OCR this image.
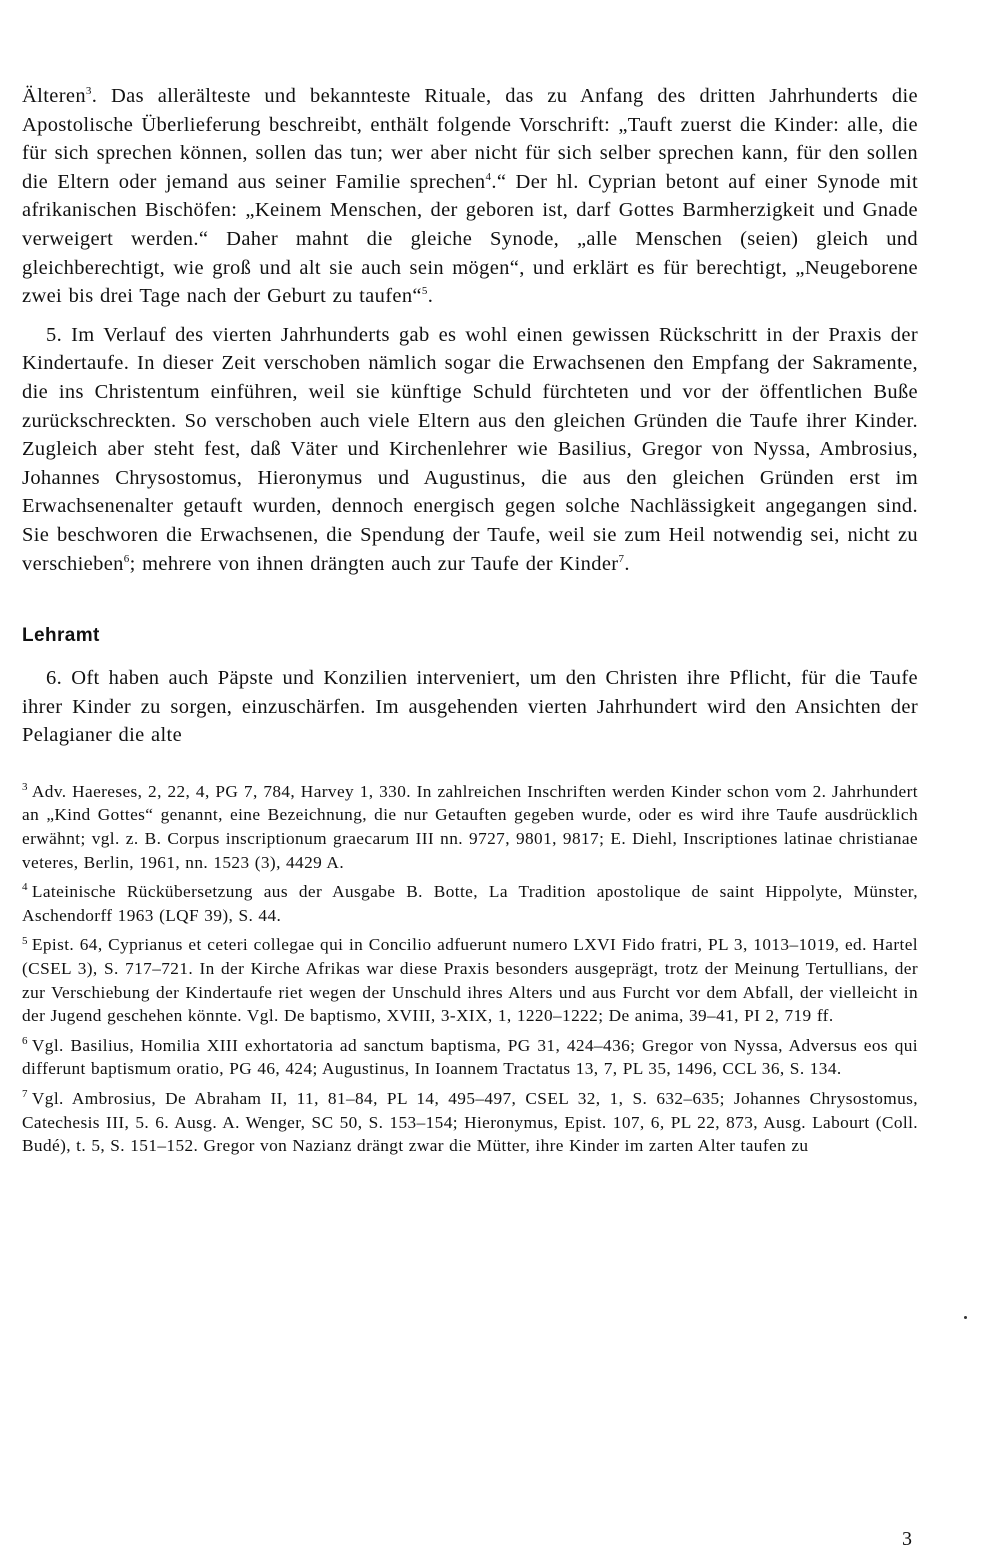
Älteren$^3$. Das allerälteste und bekannteste Rituale, das zu Anfang des dritten Jahrhunderts die Apostolische Überlieferung beschreibt, enthält folgende Vorschrift: „Tauft zuerst die Kinder: alle, die für sich sprechen können, sollen das tun; wer aber nicht für sich selber sprechen kann, für den sollen die Eltern oder jemand aus seiner Familie sprechen$^4$.“ Der hl. Cyprian betont auf einer Synode mit afrikanischen Bischöfen: „Keinem Menschen, der geboren ist, darf Gottes Barmherzigkeit und Gnade verweigert werden.“ Daher mahnt die gleiche Synode, „alle Menschen (seien) gleich und gleichberechtigt, wie groß und alt sie auch sein mögen“, und erklärt es für berechtigt, „Neugeborene zwei bis drei Tage nach der Geburt zu taufen“$^5$.

5. Im Verlauf des vierten Jahrhunderts gab es wohl einen gewissen Rückschritt in der Praxis der Kindertaufe. In dieser Zeit verschoben nämlich sogar die Erwachsenen den Empfang der Sakramente, die ins Christentum einführen, weil sie künftige Schuld fürchteten und vor der öffentlichen Buße zurückschreckten. So verschoben auch viele Eltern aus den gleichen Gründen die Taufe ihrer Kinder. Zugleich aber steht fest, daß Väter und Kirchenlehrer wie Basilius, Gregor von Nyssa, Ambrosius, Johannes Chrysostomus, Hieronymus und Augustinus, die aus den gleichen Gründen erst im Erwachsenenalter getauft wurden, dennoch energisch gegen solche Nachlässigkeit angegangen sind. Sie beschworen die Erwachsenen, die Spendung der Taufe, weil sie zum Heil notwendig sei, nicht zu verschieben$^6$; mehrere von ihnen drängten auch zur Taufe der Kinder$^7$.

Lehramt

6. Oft haben auch Päpste und Konzilien interveniert, um den Christen ihre Pflicht, für die Taufe ihrer Kinder zu sorgen, einzuschärfen. Im ausgehenden vierten Jahrhundert wird den Ansichten der Pelagianer die alte

$^3$ Adv. Haereses, 2, 22, 4, PG 7, 784, Harvey 1, 330. In zahlreichen Inschriften werden Kinder schon vom 2. Jahrhundert an „Kind Gottes“ genannt, eine Bezeichnung, die nur Getauften gegeben wurde, oder es wird ihre Taufe ausdrücklich erwähnt; vgl. z. B. Corpus inscriptionum graecarum III nn. 9727, 9801, 9817; E. Diehl, Inscriptiones latinae christianae veteres, Berlin, 1961, nn. 1523 (3), 4429 A.

$^4$ Lateinische Rückübersetzung aus der Ausgabe B. Botte, La Tradition apostolique de saint Hippolyte, Münster, Aschendorff 1963 (LQF 39), S. 44.

$^5$ Epist. 64, Cyprianus et ceteri collegae qui in Concilio adfuerunt numero LXVI Fido fratri, PL 3, 1013–1019, ed. Hartel (CSEL 3), S. 717–721. In der Kirche Afrikas war diese Praxis besonders ausgeprägt, trotz der Meinung Tertullians, der zur Verschiebung der Kindertaufe riet wegen der Unschuld ihres Alters und aus Furcht vor dem Abfall, der vielleicht in der Jugend geschehen könnte. Vgl. De baptismo, XVIII, 3-XIX, 1, 1220–1222; De anima, 39–41, PI 2, 719 ff.

$^6$ Vgl. Basilius, Homilia XIII exhortatoria ad sanctum baptisma, PG 31, 424–436; Gregor von Nyssa, Adversus eos qui differunt baptismum oratio, PG 46, 424; Augustinus, In Ioannem Tractatus 13, 7, PL 35, 1496, CCL 36, S. 134.

$^7$ Vgl. Ambrosius, De Abraham II, 11, 81–84, PL 14, 495–497, CSEL 32, 1, S. 632–635; Johannes Chrysostomus, Catechesis III, 5. 6. Ausg. A. Wenger, SC 50, S. 153–154; Hieronymus, Epist. 107, 6, PL 22, 873, Ausg. Labourt (Coll. Budé), t. 5, S. 151–152. Gregor von Nazianz drängt zwar die Mütter, ihre Kinder im zarten Alter taufen zu

3
